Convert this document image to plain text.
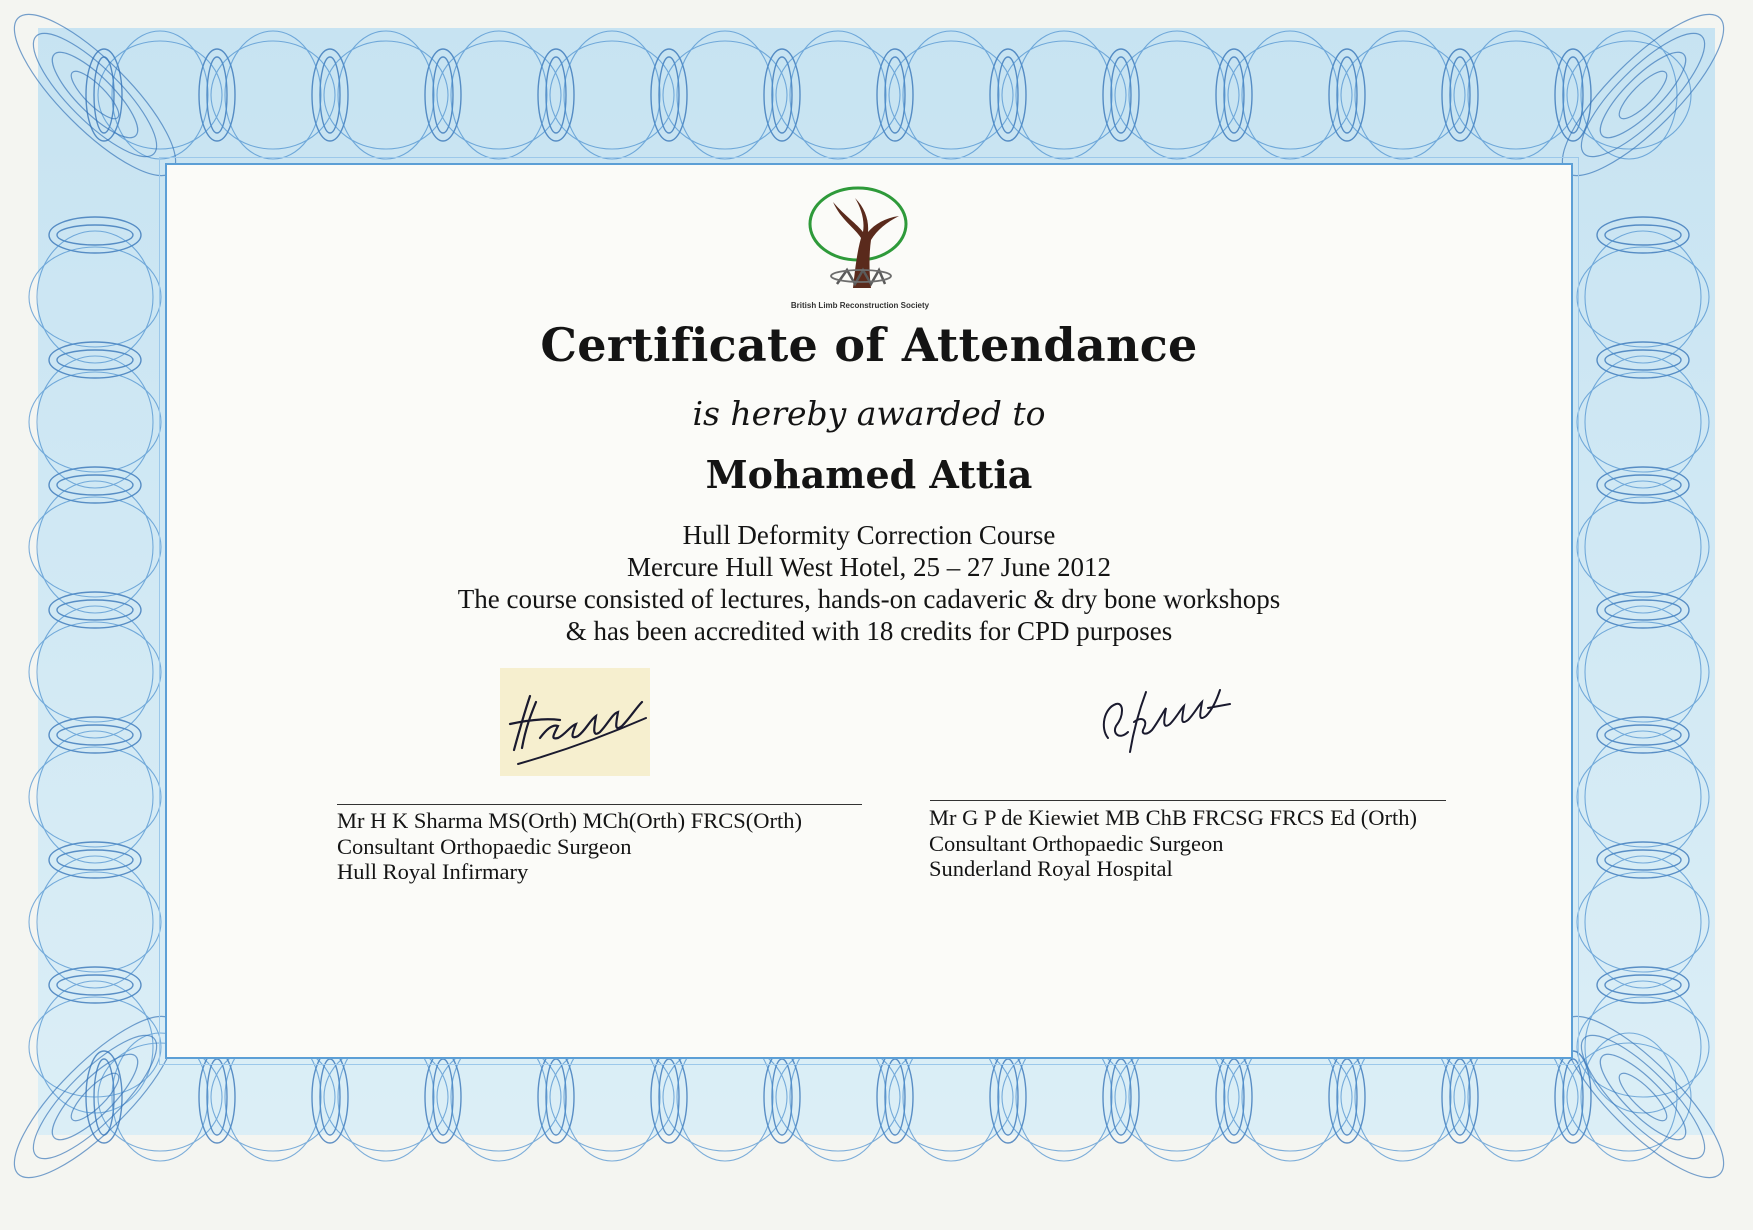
British Limb Reconstruction Society
Certificate of Attendance
is hereby awarded to
Mohamed Attia
Hull Deformity Correction Course
Mercure Hull West Hotel, 25 – 27 June 2012
The course consisted of lectures, hands-on cadaveric & dry bone workshops
& has been accredited with 18 credits for CPD purposes
Mr H K Sharma MS(Orth) MCh(Orth) FRCS(Orth)
Consultant Orthopaedic Surgeon
Hull Royal Infirmary
Mr G P de Kiewiet MB ChB FRCSG FRCS Ed (Orth)
Consultant Orthopaedic Surgeon
Sunderland Royal Hospital
